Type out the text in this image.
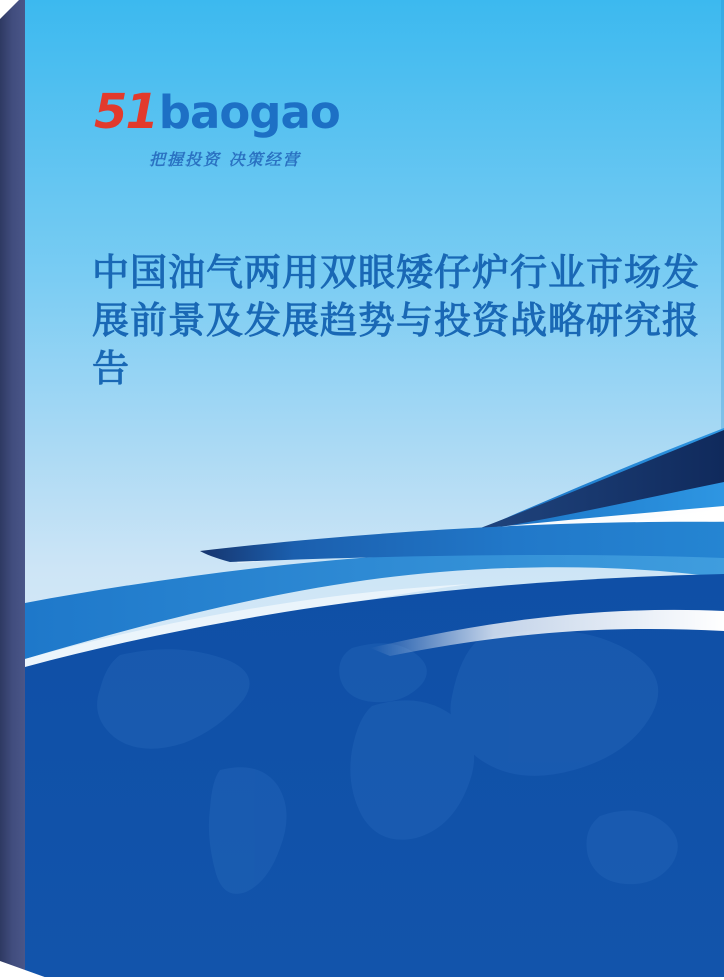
51 baogao
把握投资 决策经营
中国油气两用双眼矮仔炉行业市场发
展前景及发展趋势与投资战略研究报
告
